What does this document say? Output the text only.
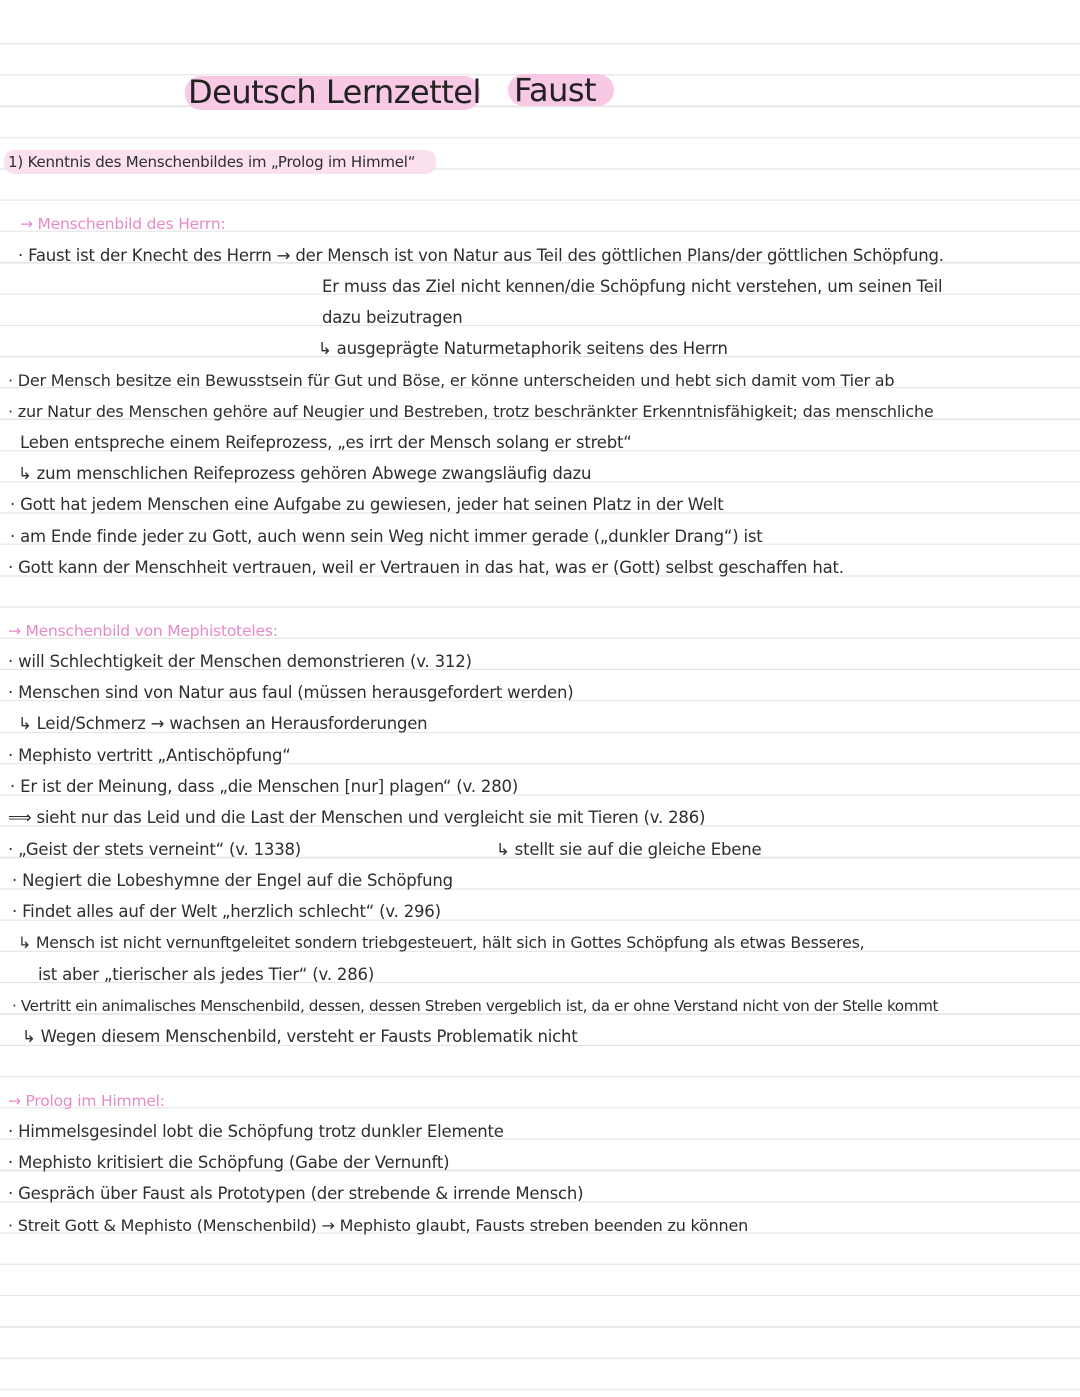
Deutsch Lernzettel Faust
1) Kenntnis des Menschenbildes im „Prolog im Himmel“
→ Menschenbild des Herrn:
· Faust ist der Knecht des Herrn → der Mensch ist von Natur aus Teil des göttlichen Plans/der göttlichen Schöpfung.
Er muss das Ziel nicht kennen/die Schöpfung nicht verstehen, um seinen Teil
dazu beizutragen
↳ ausgeprägte Naturmetaphorik seitens des Herrn
· Der Mensch besitze ein Bewusstsein für Gut und Böse, er könne unterscheiden und hebt sich damit vom Tier ab
· zur Natur des Menschen gehöre auf Neugier und Bestreben, trotz beschränkter Erkenntnisfähigkeit; das menschliche
Leben entspreche einem Reifeprozess, „es irrt der Mensch solang er strebt“
↳ zum menschlichen Reifeprozess gehören Abwege zwangsläufig dazu
· Gott hat jedem Menschen eine Aufgabe zu gewiesen, jeder hat seinen Platz in der Welt
· am Ende finde jeder zu Gott, auch wenn sein Weg nicht immer gerade („dunkler Drang“) ist
· Gott kann der Menschheit vertrauen, weil er Vertrauen in das hat, was er (Gott) selbst geschaffen hat.
→ Menschenbild von Mephistoteles:
· will Schlechtigkeit der Menschen demonstrieren (v. 312)
· Menschen sind von Natur aus faul (müssen herausgefordert werden)
↳ Leid/Schmerz → wachsen an Herausforderungen
· Mephisto vertritt „Antischöpfung“
· Er ist der Meinung, dass „die Menschen [nur] plagen“ (v. 280)
⟹ sieht nur das Leid und die Last der Menschen und vergleicht sie mit Tieren (v. 286)
· „Geist der stets verneint“ (v. 1338)	↳ stellt sie auf die gleiche Ebene
· Negiert die Lobeshymne der Engel auf die Schöpfung
· Findet alles auf der Welt „herzlich schlecht“ (v. 296)
↳ Mensch ist nicht vernunftgeleitet sondern triebgesteuert, hält sich in Gottes Schöpfung als etwas Besseres,
ist aber „tierischer als jedes Tier“ (v. 286)
· Vertritt ein animalisches Menschenbild, dessen, dessen Streben vergeblich ist, da er ohne Verstand nicht von der Stelle kommt
↳ Wegen diesem Menschenbild, versteht er Fausts Problematik nicht
→ Prolog im Himmel:
· Himmelsgesindel lobt die Schöpfung trotz dunkler Elemente
· Mephisto kritisiert die Schöpfung (Gabe der Vernunft)
· Gespräch über Faust als Prototypen (der strebende & irrende Mensch)
· Streit Gott & Mephisto (Menschenbild) → Mephisto glaubt, Fausts streben beenden zu können
